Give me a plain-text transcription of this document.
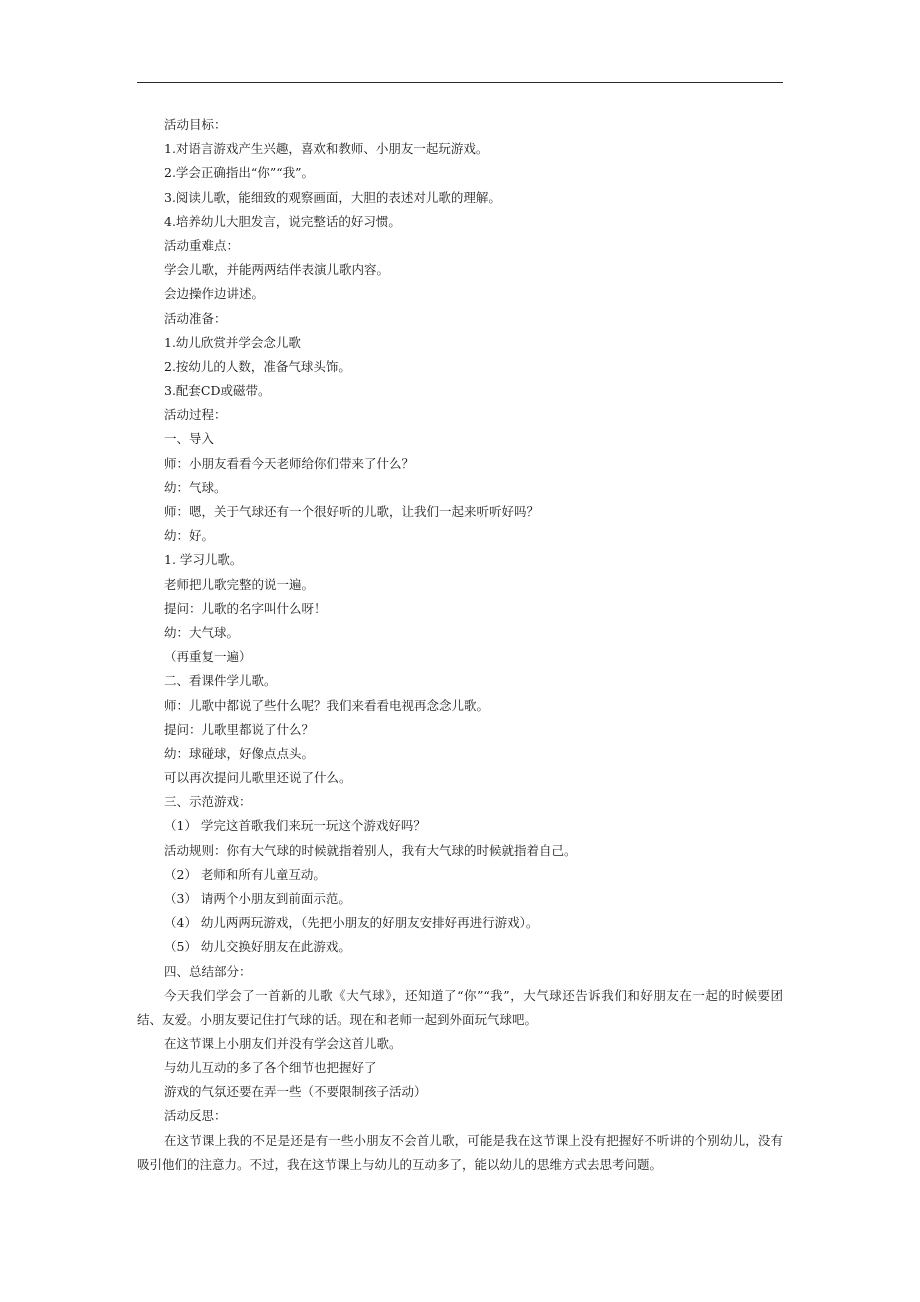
活动目标：
1.对语言游戏产生兴趣，喜欢和教师、小朋友一起玩游戏。
2.学会正确指出“你”“我”。
3.阅读儿歌，能细致的观察画面，大胆的表述对儿歌的理解。
4.培养幼儿大胆发言，说完整话的好习惯。
活动重难点：
学会儿歌，并能两两结伴表演儿歌内容。
会边操作边讲述。
活动准备：
1.幼儿欣赏并学会念儿歌
2.按幼儿的人数，准备气球头饰。
3.配套CD或磁带。
活动过程：
一、导入
师：小朋友看看今天老师给你们带来了什么？
幼：气球。
师：嗯，关于气球还有一个很好听的儿歌，让我们一起来听听好吗？
幼：好。
1. 学习儿歌。
老师把儿歌完整的说一遍。
提问：儿歌的名字叫什么呀！
幼：大气球。
（再重复一遍）
二、看课件学儿歌。
师：儿歌中都说了些什么呢？我们来看看电视再念念儿歌。
提问：儿歌里都说了什么？
幼：球碰球，好像点点头。
可以再次提问儿歌里还说了什么。
三、示范游戏：
（1） 学完这首歌我们来玩一玩这个游戏好吗？
活动规则：你有大气球的时候就指着别人，我有大气球的时候就指着自己。
（2） 老师和所有儿童互动。
（3） 请两个小朋友到前面示范。
（4） 幼儿两两玩游戏，（先把小朋友的好朋友安排好再进行游戏）。
（5） 幼儿交换好朋友在此游戏。
四、总结部分：

今天我们学会了一首新的儿歌《大气球》，还知道了“你”“我”，大气球还告诉我们和好朋友在一起的时候要团结、友爱。小朋友要记住打气球的话。现在和老师一起到外面玩气球吧。

在这节课上小朋友们并没有学会这首儿歌。
与幼儿互动的多了各个细节也把握好了
游戏的气氛还要在弄一些（不要限制孩子活动）
活动反思：

在这节课上我的不足是还是有一些小朋友不会首儿歌，可能是我在这节课上没有把握好不听讲的个别幼儿，没有吸引他们的注意力。不过，我在这节课上与幼儿的互动多了，能以幼儿的思维方式去思考问题。
